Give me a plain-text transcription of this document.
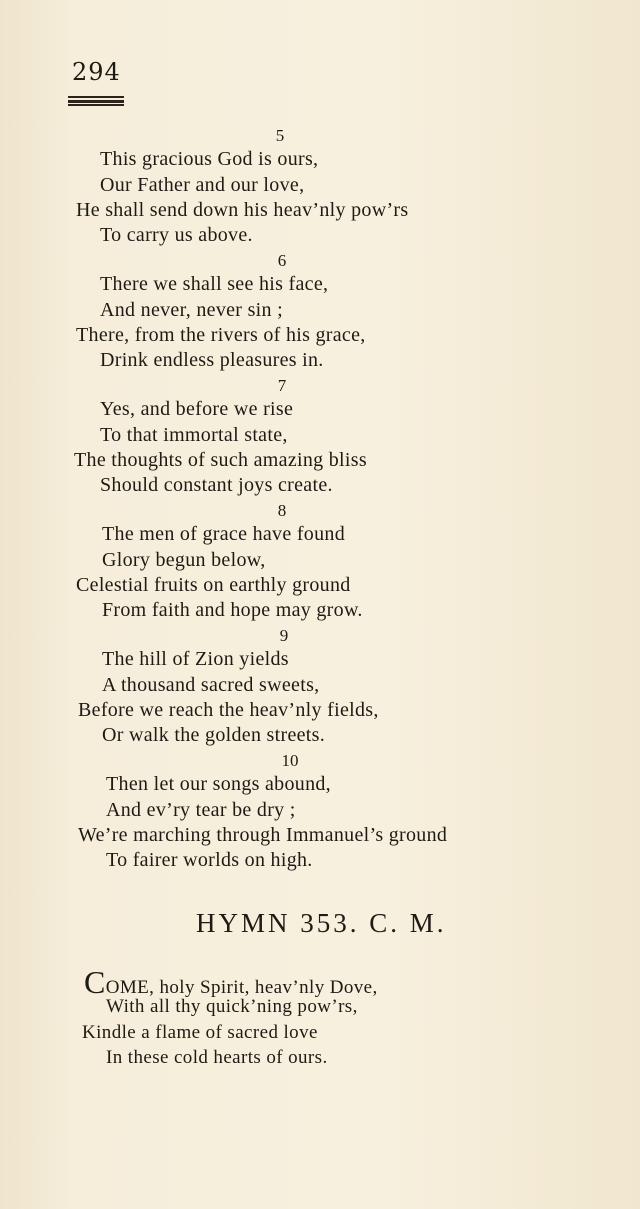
294
5
This gracious God is ours,
Our Father and our love,
He shall send down his heav’nly pow’rs
To carry us above.
6
There we shall see his face,
And never, never sin ;
There, from the rivers of his grace,
Drink endless pleasures in.
7
Yes, and before we rise
To that immortal state,
The thoughts of such amazing bliss
Should constant joys create.
8
The men of grace have found
Glory begun below,
Celestial fruits on earthly ground
From faith and hope may grow.
9
The hill of Zion yields
A thousand sacred sweets,
Before we reach the heav’nly fields,
Or walk the golden streets.
10
Then let our songs abound,
And ev’ry tear be dry ;
We’re marching through Immanuel’s ground
To fairer worlds on high.
HYMN 353. C. M.
COME, holy Spirit, heav’nly Dove,
With all thy quick’ning pow’rs,
Kindle a flame of sacred love
In these cold hearts of ours.
